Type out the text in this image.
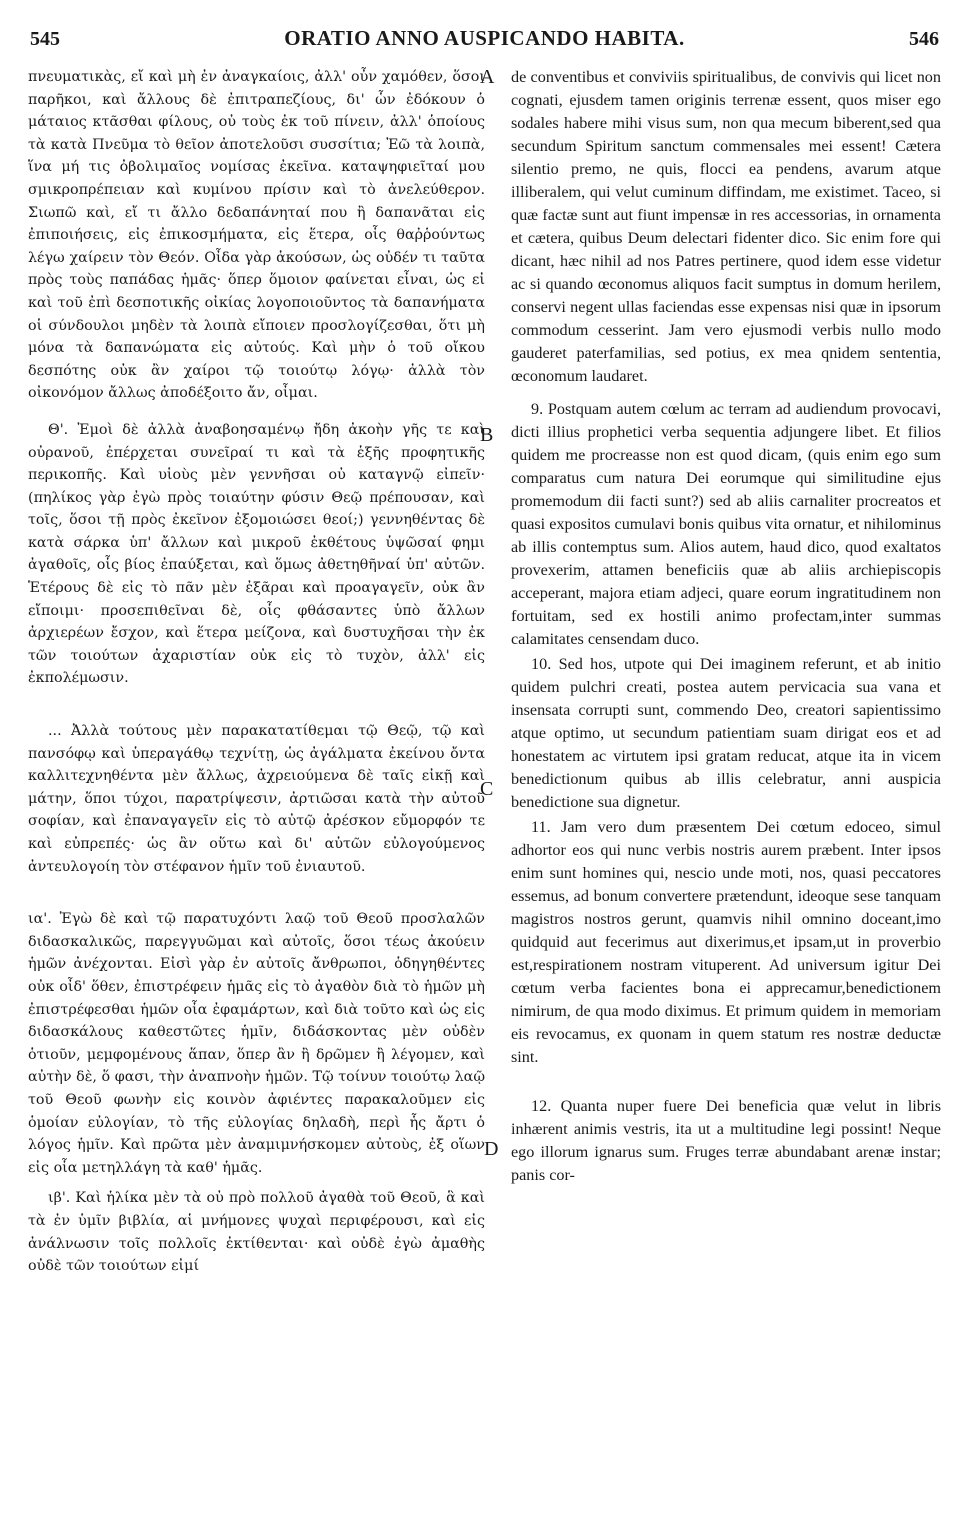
545	ORATIO ANNO AUSPICANDO HABITA.	546

πνευματικὰς, εἴ καὶ μὴ ἐν ἀναγκαίοις, ἀλλ' οὖν χαμόθεν, ὅσοι παρῆκοι, καὶ ἄλλους δὲ ἐπιτραπεζίους, δι' ὧν ἐδόκουν ὁ μάταιος κτᾶσθαι φίλους, οὐ τοὺς ἐκ τοῦ πίνειν, ἀλλ' ὁποίους τὰ κατὰ Πνεῦμα τὸ θεῖον ἀποτελοῦσι συσσίτια; Ἐῶ τὰ λοιπὰ, ἵνα μή τις ὀβολιμαῖος νομίσας ἐκεῖνα. καταψηφιεῖταί μου σμικροπρέπειαν καὶ κυμίνου πρίσιν καὶ τὸ ἀνελεύθερον. Σιωπῶ καὶ, εἴ τι ἄλλο δεδαπάνηταί που ἢ δαπανᾶται εἰς ἐπιποιήσεις, εἰς ἐπικοσμήματα, εἰς ἕτερα, οἷς θαῤῥούντως λέγω χαίρειν τὸν Θεόν. Οἶδα γὰρ ἀκούσων, ὡς οὐδέν τι ταῦτα πρὸς τοὺς παπάδας ἡμᾶς· ὅπερ ὅμοιον φαίνεται εἶναι, ὡς εἰ καὶ τοῦ ἐπὶ δεσποτικῆς οἰκίας λογοποιοῦντος τὰ δαπανήματα οἱ σύνδουλοι μηδὲν τὰ λοιπὰ εἴποιεν προσλογίζεσθαι, ὅτι μὴ μόνα τὰ δαπανώματα εἰς αὐτούς. Καὶ μὴν ὁ τοῦ οἴκου δεσπότης οὐκ ἂν χαίροι τῷ τοιούτῳ λόγῳ· ἀλλὰ τὸν οἰκονόμον ἄλλως ἀποδέξοιτο ἄν, οἶμαι.

Θ'. Ἐμοὶ δὲ ἀλλὰ ἀναβοησαμένῳ ἤδη ἀκοὴν γῆς τε καὶ οὐρανοῦ, ἐπέρχεται συνεῖραί τι καὶ τὰ ἑξῆς προφητικῆς περικοπῆς. Καὶ υἱοὺς μὲν γεννῆσαι οὐ καταγνῷ εἰπεῖν· (πηλίκος γὰρ ἐγὼ πρὸς τοιαύτην φύσιν Θεῷ πρέπουσαν, καὶ τοῖς, ὅσοι τῇ πρὸς ἐκεῖνον ἐξομοιώσει θεοί;) γεννηθέντας δὲ κατὰ σάρκα ὑπ' ἄλλων καὶ μικροῦ ἐκθέτους ὑψῶσαί φημι ἀγαθοῖς, οἷς βίος ἐπαύξεται, καὶ ὅμως ἀθετηθῆναί ὑπ' αὐτῶν. Ἑτέρους δὲ εἰς τὸ πᾶν μὲν ἐξᾶραι καὶ προαγαγεῖν, οὐκ ἂν εἴποιμι· προσεπιθεῖναι δὲ, οἷς φθάσαντες ὑπὸ ἄλλων ἀρχιερέων ἔσχον, καὶ ἕτερα μείζονα, καὶ δυστυχῆσαι τὴν ἐκ τῶν τοιούτων ἀχαριστίαν οὐκ εἰς τὸ τυχὸν, ἀλλ' εἰς ἐκπολέμωσιν.

... Ἀλλὰ τούτους μὲν παρακατατίθεμαι τῷ Θεῷ, τῷ καὶ πανσόφῳ καὶ ὑπεραγάθῳ τεχνίτῃ, ὡς ἀγάλματα ἐκείνου ὄντα καλλιτεχνηθέντα μὲν ἄλλως, ἀχρειούμενα δὲ ταῖς εἰκῇ καὶ μάτην, ὅποι τύχοι, παρατρίψεσιν, ἀρτιῶσαι κατὰ τὴν αὐτοῦ σοφίαν, καὶ ἐπαναγαγεῖν εἰς τὸ αὐτῷ ἀρέσκον εὔμορφόν τε καὶ εὐπρεπές· ὡς ἂν οὕτω καὶ δι' αὐτῶν εὐλογούμενος ἀντευλογοίη τὸν στέφανον ἡμῖν τοῦ ἐνιαυτοῦ.

ια'. Ἐγὼ δὲ καὶ τῷ παρατυχόντι λαῷ τοῦ Θεοῦ προσλαλῶν διδασκαλικῶς, παρεγγυῶμαι καὶ αὐτοῖς, ὅσοι τέως ἀκούειν ἡμῶν ἀνέχονται. Εἰσὶ γὰρ ἐν αὐτοῖς ἄνθρωποι, ὁδηγηθέντες οὐκ οἶδ' ὅθεν, ἐπιστρέφειν ἡμᾶς εἰς τὸ ἀγαθὸν διὰ τὸ ἡμῶν μὴ ἐπιστρέφεσθαι ἡμῶν οἷα ἐφαμάρτων, καὶ διὰ τοῦτο καὶ ὡς εἰς διδασκάλους καθεστῶτες ἡμῖν, διδάσκοντας μὲν οὐδὲν ὁτιοῦν, μεμφομένους ἅπαν, ὅπερ ἂν ἢ δρῶμεν ἢ λέγομεν, καὶ αὐτὴν δὲ, ὅ φασι, τὴν ἀναπνοὴν ἡμῶν. Τῷ τοίνυν τοιούτῳ λαῷ τοῦ Θεοῦ φωνὴν εἰς κοινὸν ἀφιέντες παρακαλοῦμεν εἰς ὁμοίαν εὐλογίαν, τὸ τῆς εὐλογίας δηλαδὴ, περὶ ἧς ἄρτι ὁ λόγος ἡμῖν. Καὶ πρῶτα μὲν ἀναμιμνήσκομεν αὐτοὺς, ἐξ οἵων εἰς οἷα μετηλλάγη τὰ καθ' ἡμᾶς.

ιβ'. Καὶ ἡλίκα μὲν τὰ οὐ πρὸ πολλοῦ ἀγαθὰ τοῦ Θεοῦ, ἃ καὶ τὰ ἐν ὑμῖν βιβλία, αἱ μνήμονες ψυχαὶ περιφέρουσι, καὶ εἰς ἀνάλνωσιν τοῖς πολλοῖς ἐκτίθενται· καὶ οὐδὲ ἐγὼ ἀμαθὴς οὐδὲ τῶν τοιούτων εἰμί

A
B
C
D

de conventibus et conviviis spiritualibus, de convivis qui licet non cognati, ejusdem tamen originis terrenæ essent, quos miser ego sodales habere mihi visus sum, non qua mecum biberent,sed qua secundum Spiritum sanctum commensales mei essent! Cætera silentio premo, ne quis, flocci ea pendens, avarum atque illiberalem, qui velut cuminum diffindam, me existimet. Taceo, si quæ factæ sunt aut fiunt impensæ in res accessorias, in ornamenta et cætera, quibus Deum delectari fidenter dico. Sic enim fore qui dicant, hæc nihil ad nos Patres pertinere, quod idem esse videtur ac si quando œconomus aliquos facit sumptus in domum herilem, conservi negent ullas faciendas esse expensas nisi quæ in ipsorum commodum cesserint. Jam vero ejusmodi verbis nullo modo gauderet paterfamilias, sed potius, ex mea qnidem sententia, œconomum laudaret.

9. Postquam autem cœlum ac terram ad audiendum provocavi, dicti illius prophetici verba sequentia adjungere libet. Et filios quidem me procreasse non est quod dicam, (quis enim ego sum comparatus cum natura Dei eorumque qui similitudine ejus promemodum dii facti sunt?) sed ab aliis carnaliter procreatos et quasi expositos cumulavi bonis quibus vita ornatur, et nihilominus ab illis contemptus sum. Alios autem, haud dico, quod exaltatos provexerim, attamen beneficiis quæ ab aliis archiepiscopis acceperant, majora etiam adjeci, quare eorum ingratitudinem non fortuitam, sed ex hostili animo profectam,inter summas calamitates censendam duco.

10. Sed hos, utpote qui Dei imaginem referunt, et ab initio quidem pulchri creati, postea autem pervicacia sua vana et insensata corrupti sunt, commendo Deo, creatori sapientissimo atque optimo, ut secundum patientiam suam dirigat eos et ad honestatem ac virtutem ipsi gratam reducat, atque ita in vicem benedictionum quibus ab illis celebratur, anni auspicia benedictione sua dignetur.

11. Jam vero dum præsentem Dei cœtum edoceo, simul adhortor eos qui nunc verbis nostris aurem præbent. Inter ipsos enim sunt homines qui, nescio unde moti, nos, quasi peccatores essemus, ad bonum convertere prætendunt, ideoque sese tanquam magistros nostros gerunt, quamvis nihil omnino doceant,imo quidquid aut fecerimus aut dixerimus,et ipsam,ut in proverbio est,respirationem nostram vituperent. Ad universum igitur Dei cœtum verba facientes bona ei apprecamur,benedictionem nimirum, de qua modo diximus. Et primum quidem in memoriam eis revocamus, ex quonam in quem statum res nostræ deductæ sint.

12. Quanta nuper fuere Dei beneficia quæ velut in libris inhærent animis vestris, ita ut a multitudine legi possint! Neque ego illorum ignarus sum. Fruges terræ abundabant arenæ instar; panis cor-
